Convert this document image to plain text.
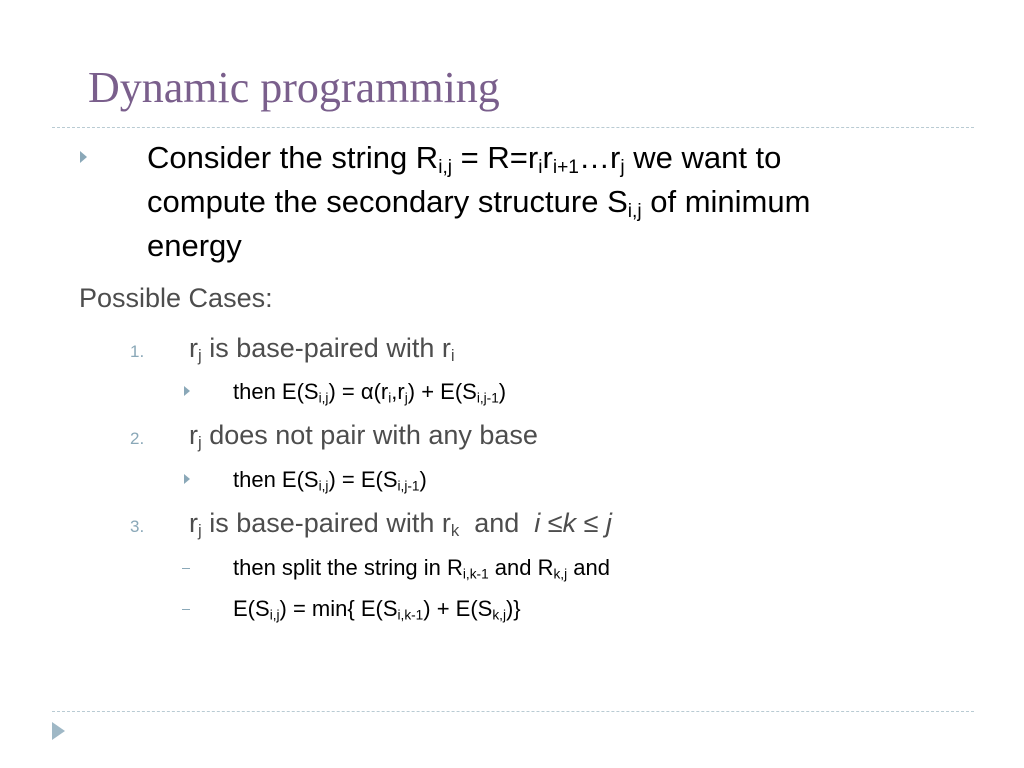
Dynamic programming
Consider the string $R_{i,j}$ = $R=r_ir_{i+1}\dots r_j$ we want to
compute the secondary structure $S_{i,j}$ of minimum
energy
Possible Cases:
1. $r_j$ is base-paired with $r_i$
then $E(S_{i,j}) = \alpha(r_i,r_j) + E(S_{i,j-1})$
2. $r_j$ does not pair with any base
then $E(S_{i,j}) = E(S_{i,j-1})$
3. $r_j$ is base-paired with $r_k$  and  i ≤k ≤ j
then split the string in $R_{i,k-1}$ and $R_{k,j}$ and
$E(S_{i,j}) = \min${ $E(S_{i,k-1}) + E(S_{k,j})$}
